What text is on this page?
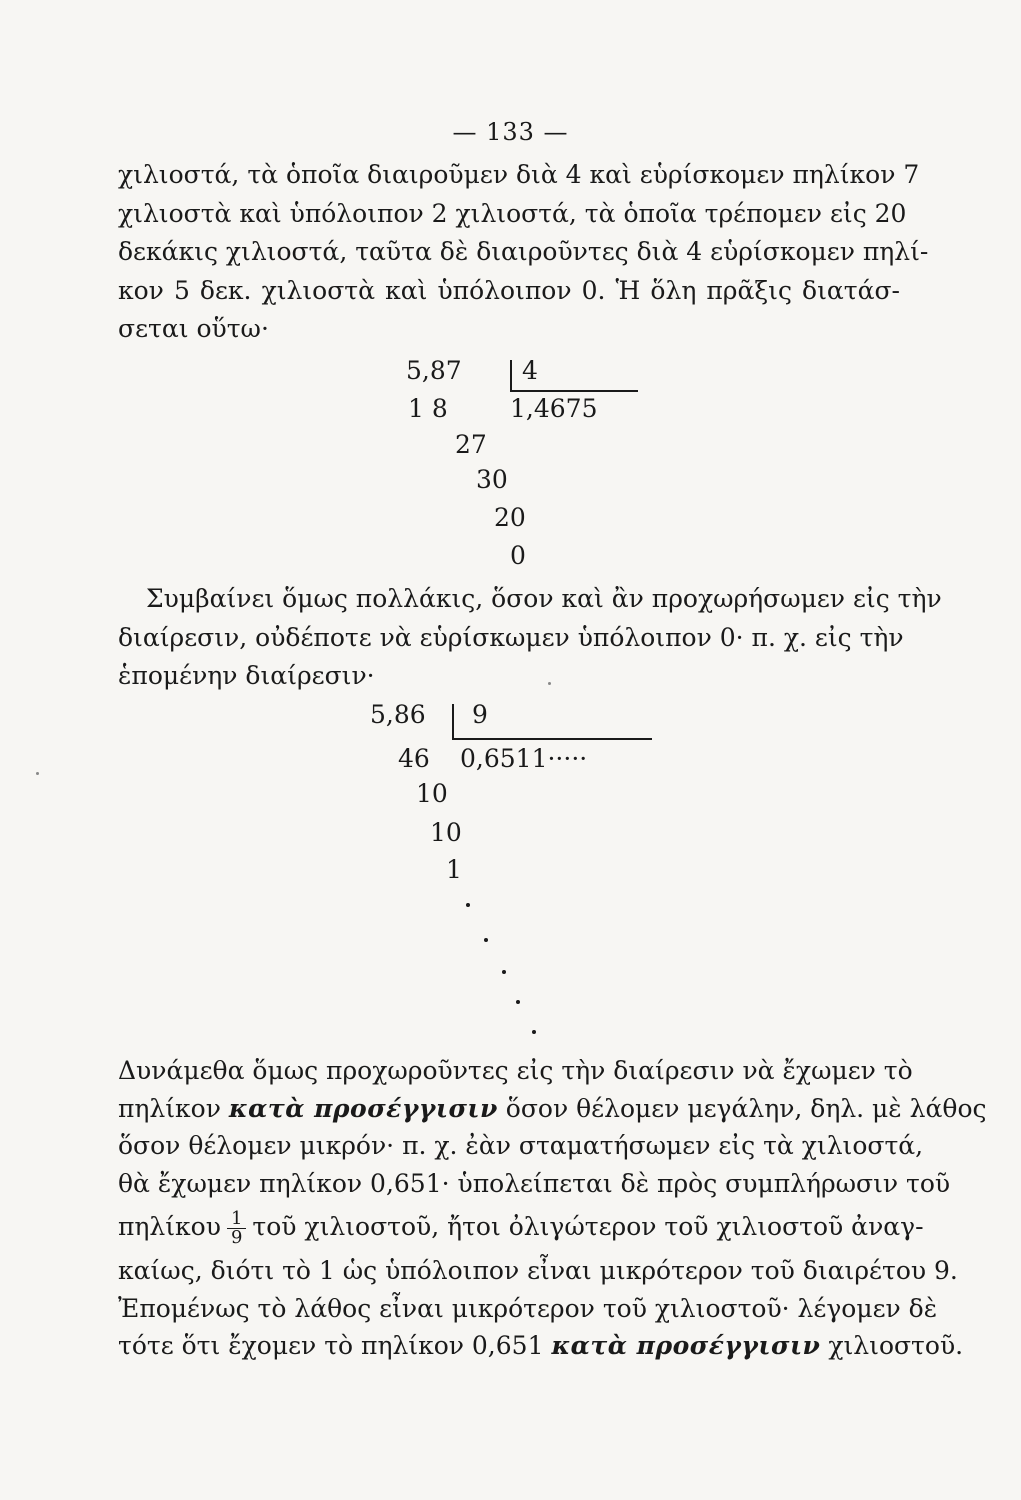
— 133 —
χιλιοστά, τὰ ὁποῖα διαιροῦμεν διὰ 4 καὶ εὑρίσκομεν πηλίκον 7
χιλιοστὰ καὶ ὑπόλοιπον 2 χιλιοστά, τὰ ὁποῖα τρέπομεν εἰς 20
δεκάκις χιλιοστά, ταῦτα δὲ διαιροῦντες διὰ 4 εὑρίσκομεν πηλί-
κον 5 δεκ. χιλιοστὰ καὶ ὑπόλοιπον 0. Ἡ ὅλη πρᾶξις διατάσ-
σεται οὕτω·
5,87 4
1,4675
1 8
27
30
20
0
Συμβαίνει ὅμως πολλάκις, ὅσον καὶ ἂν προχωρήσωμεν εἰς τὴν
διαίρεσιν, οὐδέποτε νὰ εὑρίσκωμεν ὑπόλοιπον 0· π. χ. εἰς τὴν
ἑπομένην διαίρεσιν·
5,86 9
0,6511·····
46
10
10
1
Δυνάμεθα ὅμως προχωροῦντες εἰς τὴν διαίρεσιν νὰ ἔχωμεν τὸ
πηλίκον κατὰ προσέγγισιν ὅσον θέλομεν μεγάλην, δηλ. μὲ λάθος
ὅσον θέλομεν μικρόν· π. χ. ἐὰν σταματήσωμεν εἰς τὰ χιλιοστά,
θὰ ἔχωμεν πηλίκον 0,651· ὑπολείπεται δὲ πρὸς συμπλήρωσιν τοῦ
πηλίκου $\frac{1}{9}$ τοῦ χιλιοστοῦ, ἤτοι ὀλιγώτερον τοῦ χιλιοστοῦ ἀναγ-
καίως, διότι τὸ 1 ὡς ὑπόλοιπον εἶναι μικρότερον τοῦ διαιρέτου 9.
Ἐπομένως τὸ λάθος εἶναι μικρότερον τοῦ χιλιοστοῦ· λέγομεν δὲ
τότε ὅτι ἔχομεν τὸ πηλίκον 0,651 κατὰ προσέγγισιν χιλιοστοῦ.
